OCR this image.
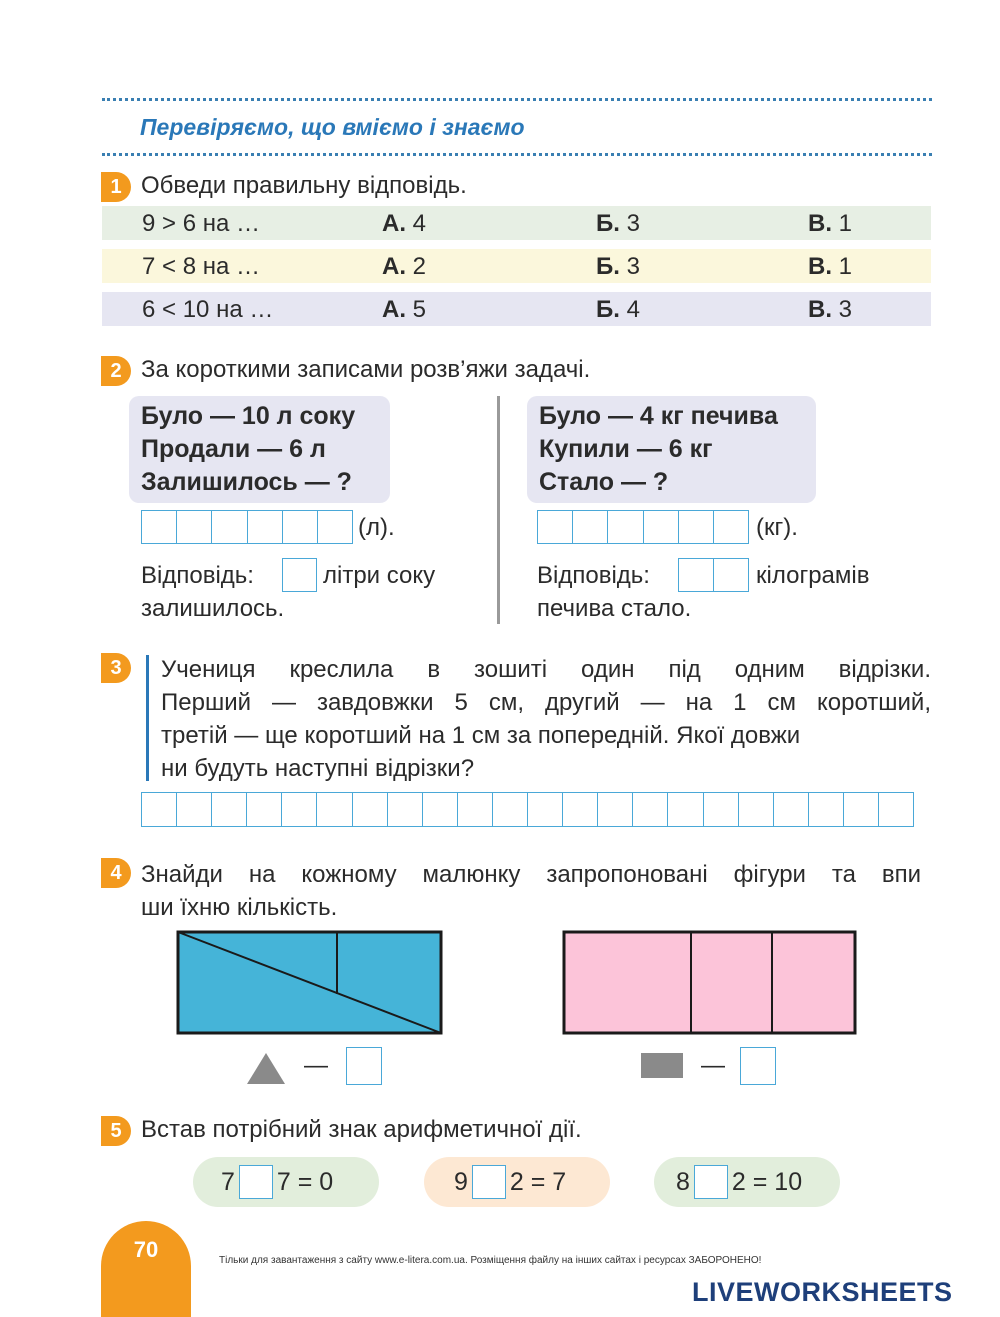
Перевіряємо, що вміємо і знаємо
1 Обведи правильну відповідь.
9 > 6 на …	А. 4	Б. 3	В. 1
7 < 8 на …	А. 2	Б. 3	В. 1
6 < 10 на …	А. 5	Б. 4	В. 3
2 За короткими записами розв’яжи задачі.
Було — 10 л соку
Продали — 6 л
Залишилось — ?
(л).
Відповідь:	літри соку
залишилось.
Було — 4 кг печива
Купили — 6 кг
Стало — ?
(кг).
Відповідь:	кілограмів
печива стало.
3	Учениця креслила в зошиті один під одним відрізки.
Перший — завдовжки 5 см, другий — на 1 см коротший,
третій — ще коротший на 1 см за попередній. Якої довжи
ни будуть наступні відрізки?
4 Знайди на кожному малюнку запропоновані фігури та впи
ши їхню кількість.
—	—
5 Встав потрібний знак арифметичної дії.
7 7 = 0	9 2 = 7	8 2 = 10
70	Тільки для завантаження з сайту www.e-litera.com.ua. Розміщення файлу на інших сайтах і ресурсах ЗАБОРОНЕНО!
LIVEWORKSHEETS
